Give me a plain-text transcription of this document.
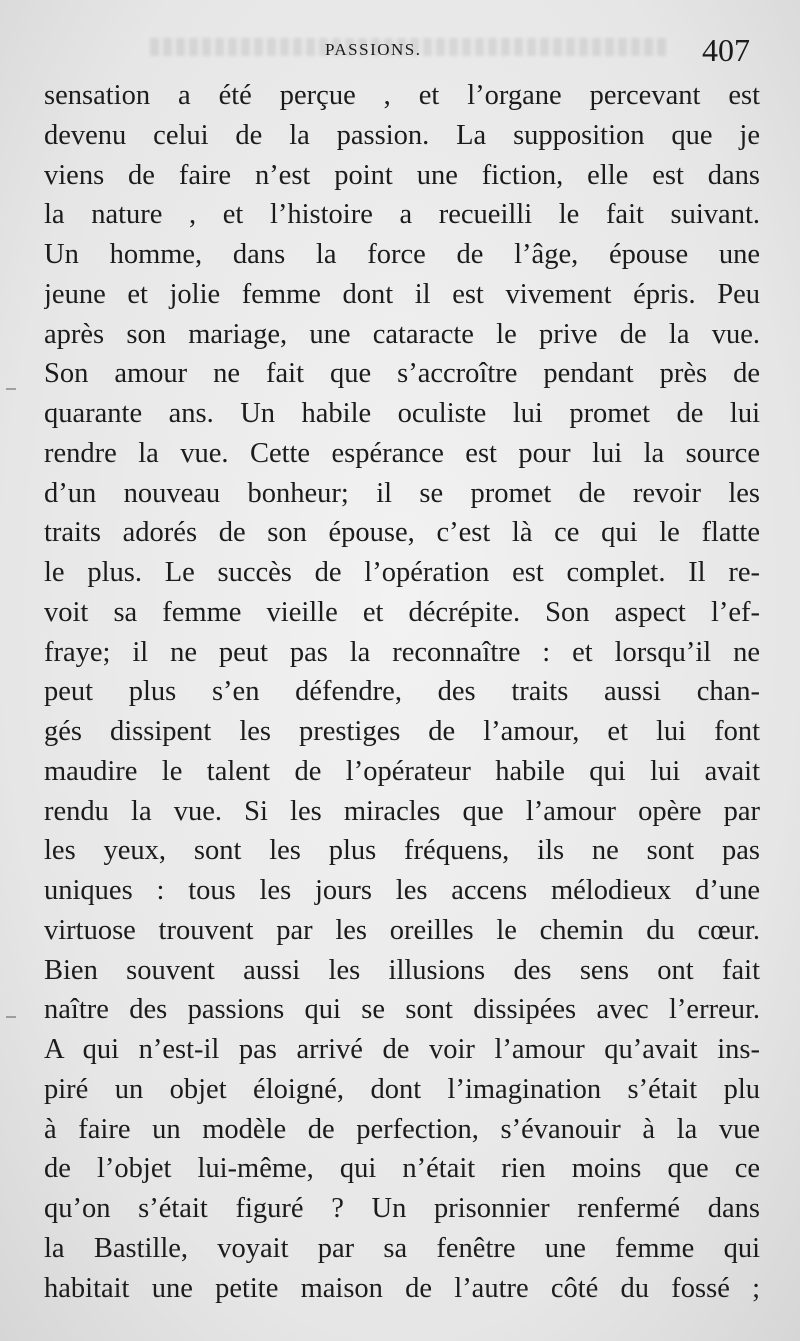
PASSIONS.	407
sensation a été perçue , et l’organe percevant est
devenu celui de la passion. La supposition que je
viens de faire n’est point une fiction, elle est dans
la nature , et l’histoire a recueilli le fait suivant.
Un homme, dans la force de l’âge, épouse une
jeune et jolie femme dont il est vivement épris. Peu
après son mariage, une cataracte le prive de la vue.
Son amour ne fait que s’accroître pendant près de
quarante ans. Un habile oculiste lui promet de lui
rendre la vue. Cette espérance est pour lui la source
d’un nouveau bonheur; il se promet de revoir les
traits adorés de son épouse, c’est là ce qui le flatte
le plus. Le succès de l’opération est complet. Il re-
voit sa femme vieille et décrépite. Son aspect l’ef-
fraye; il ne peut pas la reconnaître : et lorsqu’il ne
peut plus s’en défendre, des traits aussi chan-
gés dissipent les prestiges de l’amour, et lui font
maudire le talent de l’opérateur habile qui lui avait
rendu la vue. Si les miracles que l’amour opère par
les yeux, sont les plus fréquens, ils ne sont pas
uniques : tous les jours les accens mélodieux d’une
virtuose trouvent par les oreilles le chemin du cœur.
Bien souvent aussi les illusions des sens ont fait
naître des passions qui se sont dissipées avec l’erreur.
A qui n’est-il pas arrivé de voir l’amour qu’avait ins-
piré un objet éloigné, dont l’imagination s’était plu
à faire un modèle de perfection, s’évanouir à la vue
de l’objet lui-même, qui n’était rien moins que ce
qu’on s’était figuré ? Un prisonnier renfermé dans
la Bastille, voyait par sa fenêtre une femme qui
habitait une petite maison de l’autre côté du fossé ;
